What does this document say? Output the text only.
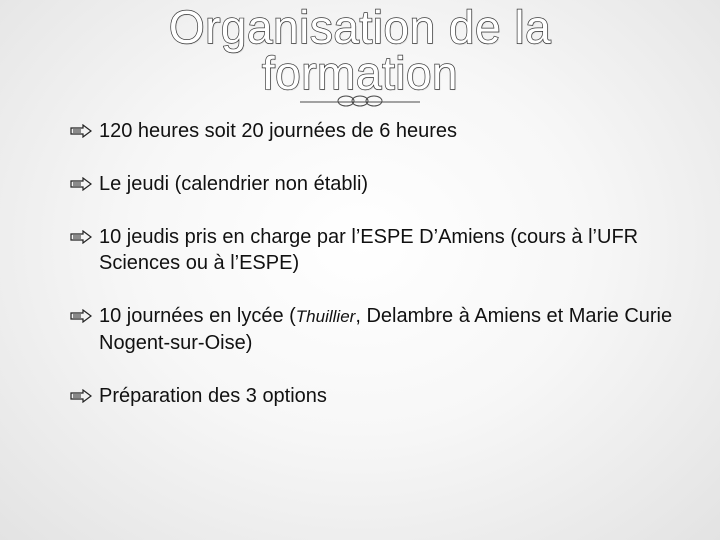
Organisation de la
formation
120 heures soit 20 journées de 6 heures
Le jeudi (calendrier non établi)
10 jeudis pris en charge par l’ESPE D’Amiens (cours à l’UFR Sciences ou à l’ESPE)
10 journées en lycée (Thuillier, Delambre à Amiens et Marie Curie Nogent-sur-Oise)
Préparation des 3 options
